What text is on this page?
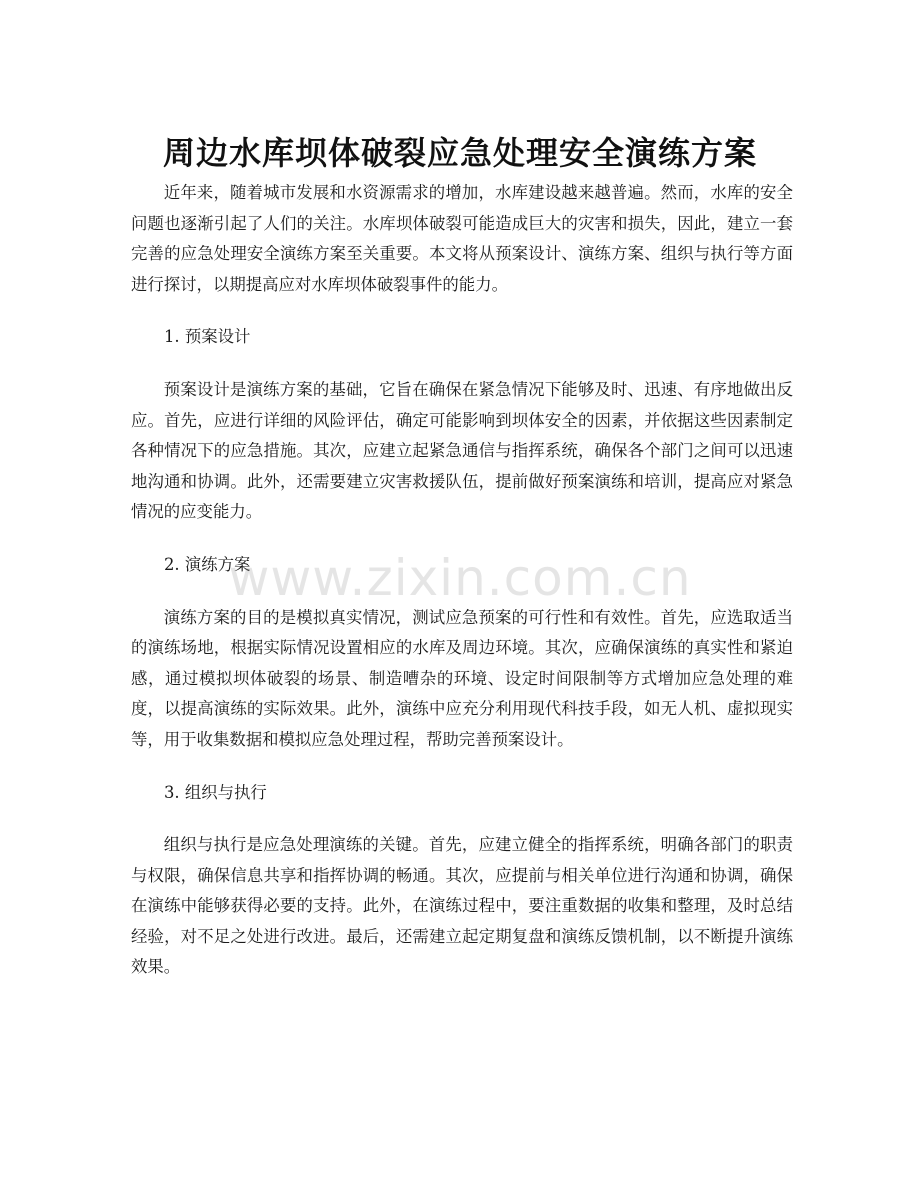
周边水库坝体破裂应急处理安全演练方案

近年来，随着城市发展和水资源需求的增加，水库建设越来越普遍。然而，水库的安全问题也逐渐引起了人们的关注。水库坝体破裂可能造成巨大的灾害和损失，因此，建立一套完善的应急处理安全演练方案至关重要。本文将从预案设计、演练方案、组织与执行等方面进行探讨，以期提高应对水库坝体破裂事件的能力。

1. 预案设计

预案设计是演练方案的基础，它旨在确保在紧急情况下能够及时、迅速、有序地做出反应。首先，应进行详细的风险评估，确定可能影响到坝体安全的因素，并依据这些因素制定各种情况下的应急措施。其次，应建立起紧急通信与指挥系统，确保各个部门之间可以迅速地沟通和协调。此外，还需要建立灾害救援队伍，提前做好预案演练和培训，提高应对紧急情况的应变能力。

2. 演练方案

演练方案的目的是模拟真实情况，测试应急预案的可行性和有效性。首先，应选取适当的演练场地，根据实际情况设置相应的水库及周边环境。其次，应确保演练的真实性和紧迫感，通过模拟坝体破裂的场景、制造嘈杂的环境、设定时间限制等方式增加应急处理的难度，以提高演练的实际效果。此外，演练中应充分利用现代科技手段，如无人机、虚拟现实等，用于收集数据和模拟应急处理过程，帮助完善预案设计。

3. 组织与执行

组织与执行是应急处理演练的关键。首先，应建立健全的指挥系统，明确各部门的职责与权限，确保信息共享和指挥协调的畅通。其次，应提前与相关单位进行沟通和协调，确保在演练中能够获得必要的支持。此外，在演练过程中，要注重数据的收集和整理，及时总结经验，对不足之处进行改进。最后，还需建立起定期复盘和演练反馈机制，以不断提升演练效果。

www.zixin.com.cn
